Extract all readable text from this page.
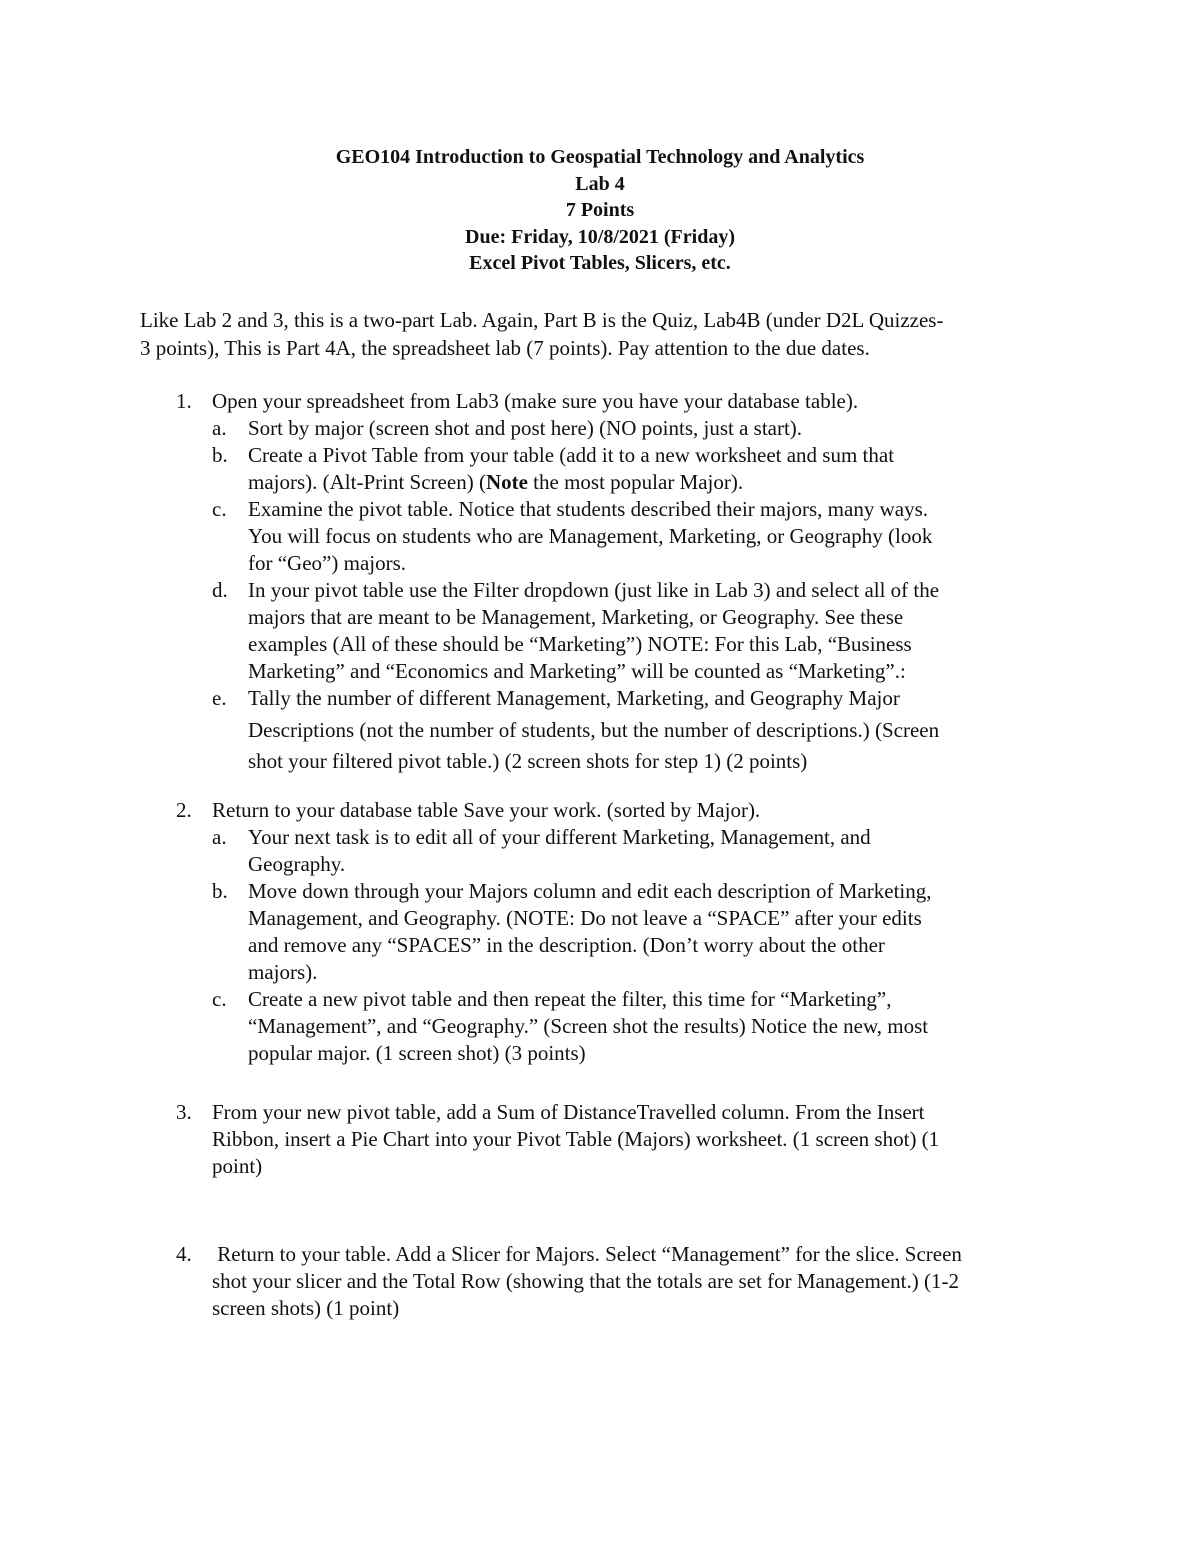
GEO104 Introduction to Geospatial Technology and Analytics
Lab 4
7 Points
Due: Friday, 10/8/2021 (Friday)
Excel Pivot Tables, Slicers, etc.
Like Lab 2 and 3, this is a two-part Lab. Again, Part B is the Quiz, Lab4B (under D2L Quizzes-
3 points), This is Part 4A, the spreadsheet lab (7 points). Pay attention to the due dates.
1. Open your spreadsheet from Lab3 (make sure you have your database table).
a.	Sort by major (screen shot and post here) (NO points, just a start).
b. Create a Pivot Table from your table (add it to a new worksheet and sum that
majors). (Alt-Print Screen) (Note the most popular Major).
c.	Examine the pivot table. Notice that students described their majors, many ways.
You will focus on students who are Management, Marketing, or Geography (look
for “Geo”) majors.
d. In your pivot table use the Filter dropdown (just like in Lab 3) and select all of the
majors that are meant to be Management, Marketing, or Geography. See these
examples (All of these should be “Marketing”) NOTE: For this Lab, “Business
Marketing” and “Economics and Marketing” will be counted as “Marketing”.:
e.	Tally the number of different Management, Marketing, and Geography Major
Descriptions (not the number of students, but the number of descriptions.) (Screen
shot your filtered pivot table.) (2 screen shots for step 1) (2 points)
2. Return to your database table Save your work. (sorted by Major).
a.	Your next task is to edit all of your different Marketing, Management, and
Geography.
b. Move down through your Majors column and edit each description of Marketing,
Management, and Geography. (NOTE: Do not leave a “SPACE” after your edits
and remove any “SPACES” in the description. (Don’t worry about the other
majors).
c.	Create a new pivot table and then repeat the filter, this time for “Marketing”,
“Management”, and “Geography.” (Screen shot the results) Notice the new, most
popular major. (1 screen shot) (3 points)
3. From your new pivot table, add a Sum of DistanceTravelled column. From the Insert
Ribbon, insert a Pie Chart into your Pivot Table (Majors) worksheet. (1 screen shot) (1
point)
4. Return to your table. Add a Slicer for Majors. Select “Management” for the slice. Screen
shot your slicer and the Total Row (showing that the totals are set for Management.) (1-2
screen shots) (1 point)
